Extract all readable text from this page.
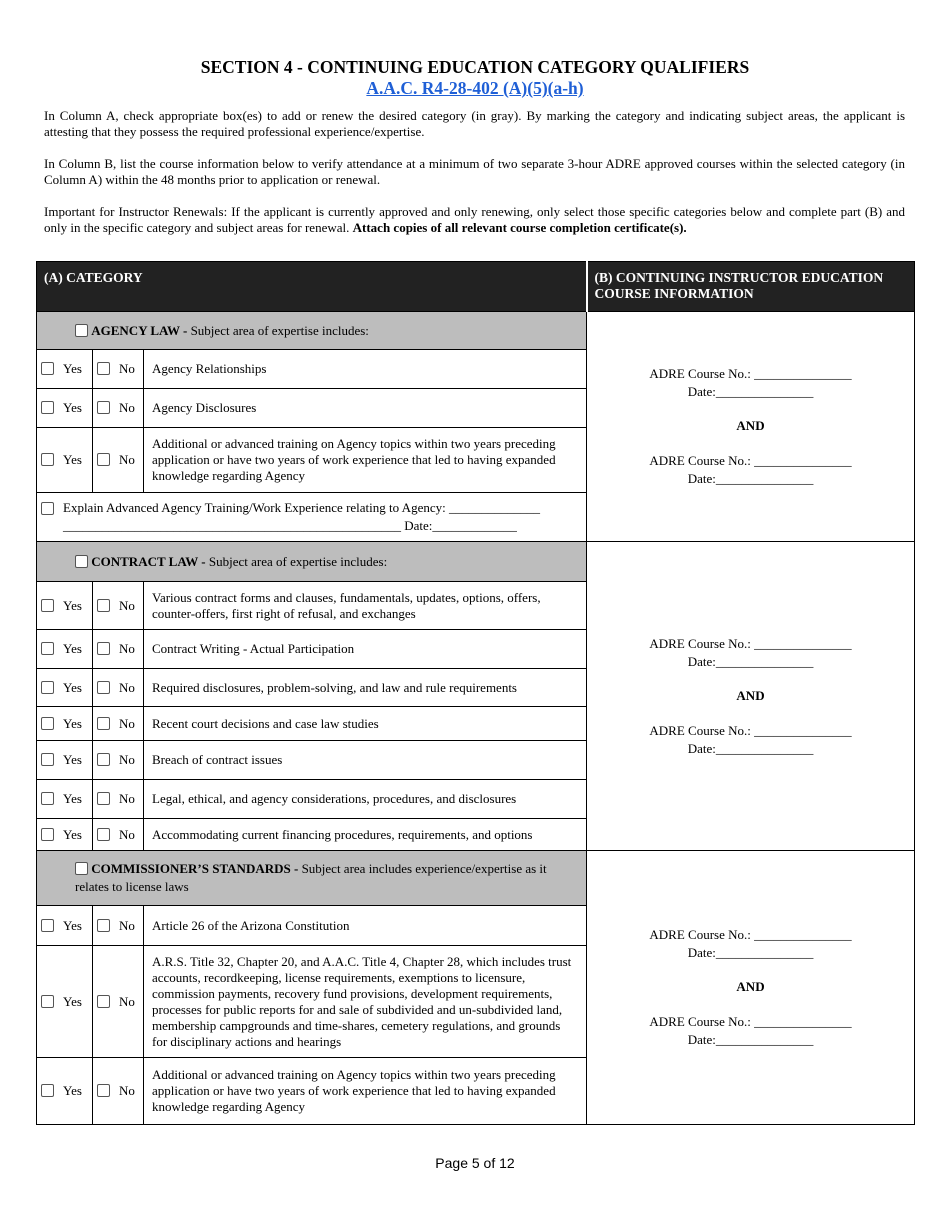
SECTION 4 - CONTINUING EDUCATION CATEGORY QUALIFIERS
A.A.C. R4-28-402 (A)(5)(a-h)

In Column A, check appropriate box(es) to add or renew the desired category (in gray). By marking the category and indicating subject areas, the applicant is attesting that they possess the required professional experience/expertise.

In Column B, list the course information below to verify attendance at a minimum of two separate 3-hour ADRE approved courses within the selected category (in Column A) within the 48 months prior to application or renewal.

Important for Instructor Renewals: If the applicant is currently approved and only renewing, only select those specific categories below and complete part (B) and only in the specific category and subject areas for renewal. Attach copies of all relevant course completion certificate(s).

(A) CATEGORY			(B) CONTINUING INSTRUCTOR EDUCATION COURSE INFORMATION

AGENCY LAW - Subject area of expertise includes:			ADRE Course No.: _______________
Date:_______________
AND
ADRE Course No.: _______________
Date:_______________

Yes	No	Agency Relationships	
Yes	No	Agency Disclosures	
Yes	No	Additional or advanced training on Agency topics within two years preceding application or have two years of work experience that led to having expanded knowledge regarding Agency	

Explain Advanced Agency Training/Work Experience relating to Agency: ______________
____________________________________________________ Date:_____________			

CONTRACT LAW - Subject area of expertise includes:			ADRE Course No.: _______________
Date:_______________
AND
ADRE Course No.: _______________
Date:_______________

Yes	No	Various contract forms and clauses, fundamentals, updates, options, offers, counter-offers, first right of refusal, and exchanges	
Yes	No	Contract Writing - Actual Participation	
Yes	No	Required disclosures, problem-solving, and law and rule requirements	
Yes	No	Recent court decisions and case law studies	
Yes	No	Breach of contract issues	
Yes	No	Legal, ethical, and agency considerations, procedures, and disclosures	
Yes	No	Accommodating current financing procedures, requirements, and options	

COMMISSIONER’S STANDARDS - Subject area includes experience/expertise as it relates to license laws			ADRE Course No.: _______________
Date:_______________
AND
ADRE Course No.: _______________
Date:_______________

Yes	No	Article 26 of the Arizona Constitution	
Yes	No	A.R.S. Title 32, Chapter 20, and A.A.C. Title 4, Chapter 28, which includes trust accounts, recordkeeping, license requirements, exemptions to licensure, commission payments, recovery fund provisions, development requirements, processes for public reports for and sale of subdivided and un-subdivided land, membership campgrounds and time-shares, cemetery regulations, and grounds for disciplinary actions and hearings	
Yes	No	Additional or advanced training on Agency topics within two years preceding application or have two years of work experience that led to having expanded knowledge regarding Agency	
Page 5 of 12
